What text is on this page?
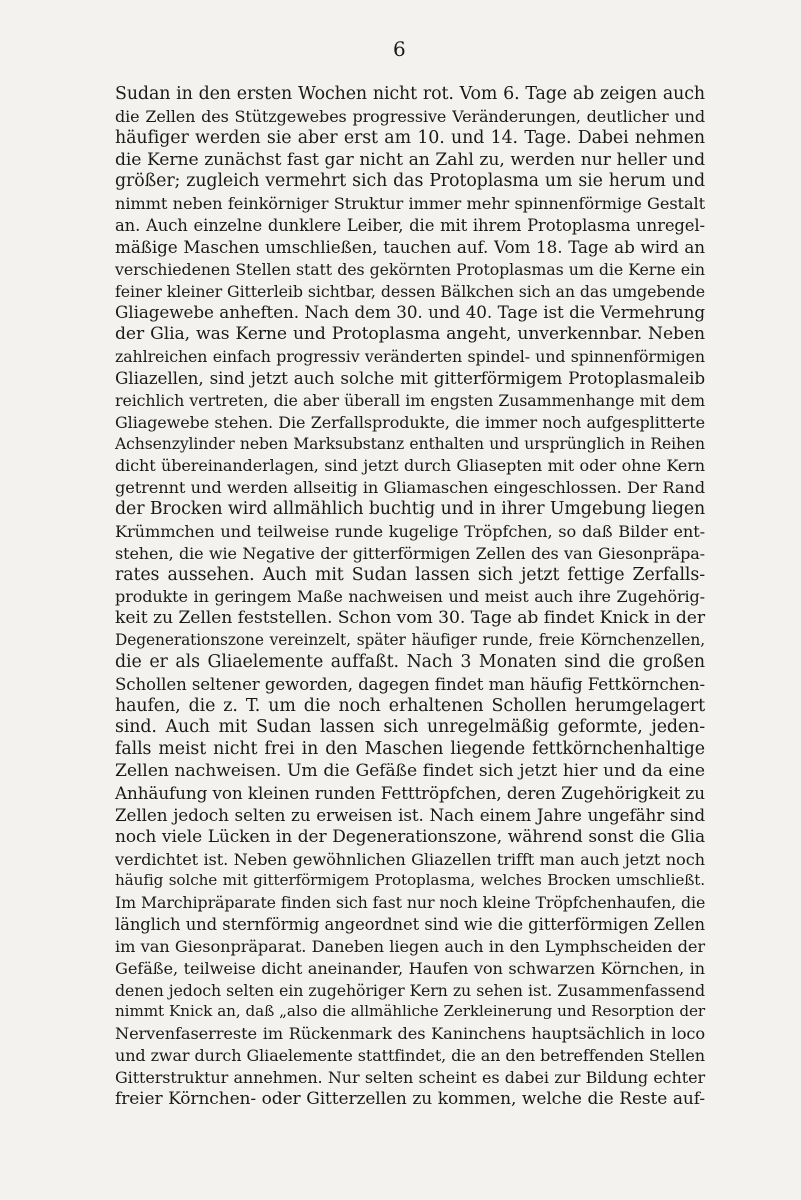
6
Sudan in den ersten Wochen nicht rot. Vom 6. Tage ab zeigen auch
die Zellen des Stützgewebes progressive Veränderungen, deutlicher und
häufiger werden sie aber erst am 10. und 14. Tage. Dabei nehmen
die Kerne zunächst fast gar nicht an Zahl zu, werden nur heller und
größer; zugleich vermehrt sich das Protoplasma um sie herum und
nimmt neben feinkörniger Struktur immer mehr spinnenförmige Gestalt
an. Auch einzelne dunklere Leiber, die mit ihrem Protoplasma unregel-
mäßige Maschen umschließen, tauchen auf. Vom 18. Tage ab wird an
verschiedenen Stellen statt des gekörnten Protoplasmas um die Kerne ein
feiner kleiner Gitterleib sichtbar, dessen Bälkchen sich an das umgebende
Gliagewebe anheften. Nach dem 30. und 40. Tage ist die Vermehrung
der Glia, was Kerne und Protoplasma angeht, unverkennbar. Neben
zahlreichen einfach progressiv veränderten spindel- und spinnenförmigen
Gliazellen, sind jetzt auch solche mit gitterförmigem Protoplasmaleib
reichlich vertreten, die aber überall im engsten Zusammenhange mit dem
Gliagewebe stehen. Die Zerfallsprodukte, die immer noch aufgesplitterte
Achsenzylinder neben Marksubstanz enthalten und ursprünglich in Reihen
dicht übereinanderlagen, sind jetzt durch Gliasepten mit oder ohne Kern
getrennt und werden allseitig in Gliamaschen eingeschlossen. Der Rand
der Brocken wird allmählich buchtig und in ihrer Umgebung liegen
Krümmchen und teilweise runde kugelige Tröpfchen, so daß Bilder ent-
stehen, die wie Negative der gitterförmigen Zellen des van Giesonpräpa-
rates aussehen. Auch mit Sudan lassen sich jetzt fettige Zerfalls-
produkte in geringem Maße nachweisen und meist auch ihre Zugehörig-
keit zu Zellen feststellen. Schon vom 30. Tage ab findet Knick in der
Degenerationszone vereinzelt, später häufiger runde, freie Körnchenzellen,
die er als Gliaelemente auffaßt. Nach 3 Monaten sind die großen
Schollen seltener geworden, dagegen findet man häufig Fettkörnchen-
haufen, die z. T. um die noch erhaltenen Schollen herumgelagert
sind. Auch mit Sudan lassen sich unregelmäßig geformte, jeden-
falls meist nicht frei in den Maschen liegende fettkörnchenhaltige
Zellen nachweisen. Um die Gefäße findet sich jetzt hier und da eine
Anhäufung von kleinen runden Fetttröpfchen, deren Zugehörigkeit zu
Zellen jedoch selten zu erweisen ist. Nach einem Jahre ungefähr sind
noch viele Lücken in der Degenerationszone, während sonst die Glia
verdichtet ist. Neben gewöhnlichen Gliazellen trifft man auch jetzt noch
häufig solche mit gitterförmigem Protoplasma, welches Brocken umschließt.
Im Marchipräparate finden sich fast nur noch kleine Tröpfchenhaufen, die
länglich und sternförmig angeordnet sind wie die gitterförmigen Zellen
im van Giesonpräparat. Daneben liegen auch in den Lymphscheiden der
Gefäße, teilweise dicht aneinander, Haufen von schwarzen Körnchen, in
denen jedoch selten ein zugehöriger Kern zu sehen ist. Zusammenfassend
nimmt Knick an, daß „also die allmähliche Zerkleinerung und Resorption der
Nervenfaserreste im Rückenmark des Kaninchens hauptsächlich in loco
und zwar durch Gliaelemente stattfindet, die an den betreffenden Stellen
Gitterstruktur annehmen. Nur selten scheint es dabei zur Bildung echter
freier Körnchen- oder Gitterzellen zu kommen, welche die Reste auf-
